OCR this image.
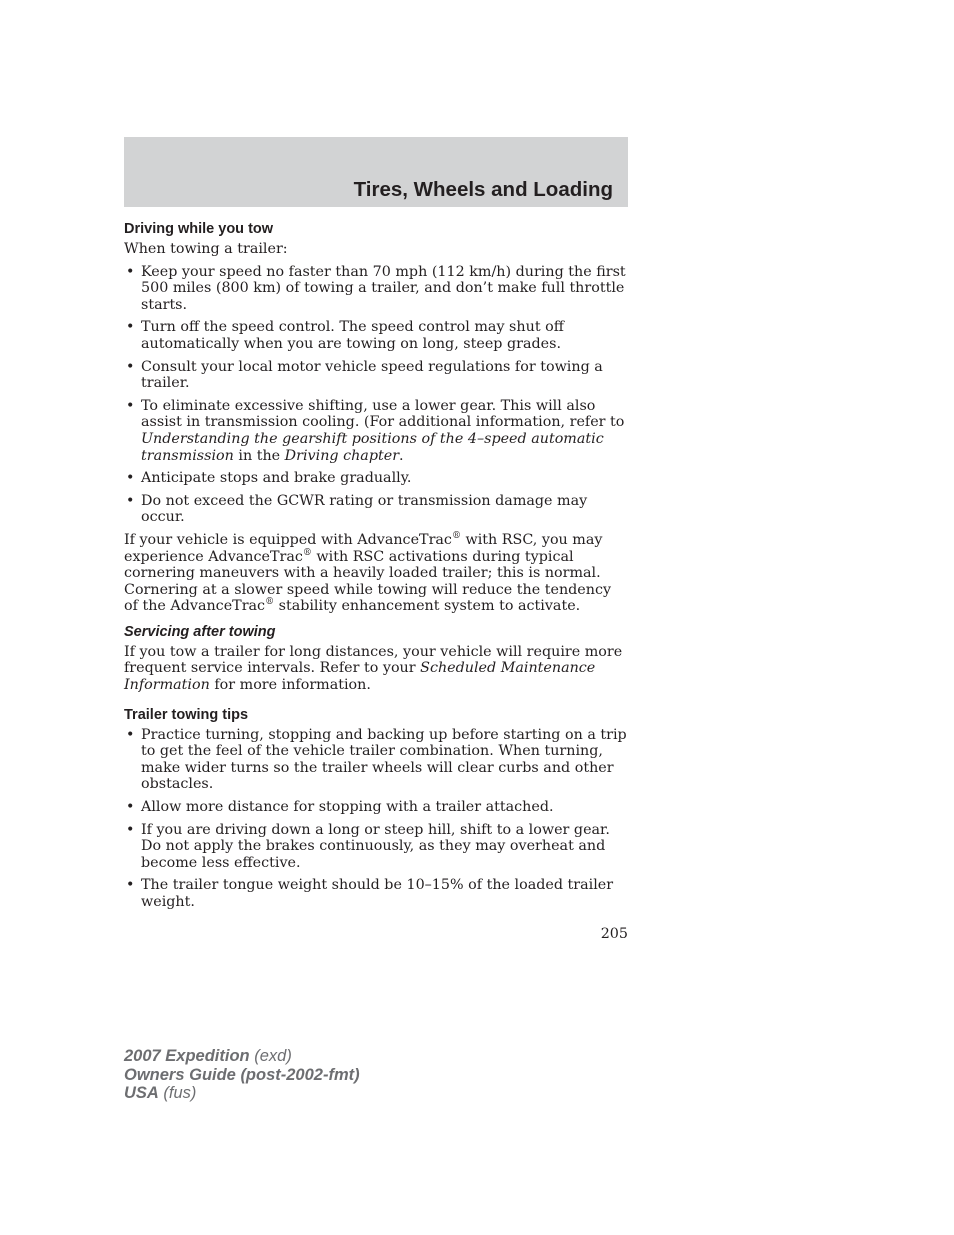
Tires, Wheels and Loading
Driving while you tow

When towing a trailer:

• Keep your speed no faster than 70 mph (112 km/h) during the first 500 miles (800 km) of towing a trailer, and don’t make full throttle starts.
• Turn off the speed control. The speed control may shut off automatically when you are towing on long, steep grades.
• Consult your local motor vehicle speed regulations for towing a trailer.
• To eliminate excessive shifting, use a lower gear. This will also assist in transmission cooling. (For additional information, refer to Understanding the gearshift positions of the 4–speed automatic transmission in the Driving chapter.
• Anticipate stops and brake gradually.
• Do not exceed the GCWR rating or transmission damage may occur.

If your vehicle is equipped with AdvanceTrac® with RSC, you may experience AdvanceTrac® with RSC activations during typical cornering maneuvers with a heavily loaded trailer; this is normal. Cornering at a slower speed while towing will reduce the tendency of the AdvanceTrac® stability enhancement system to activate.

Servicing after towing

If you tow a trailer for long distances, your vehicle will require more frequent service intervals. Refer to your Scheduled Maintenance Information for more information.

Trailer towing tips
• Practice turning, stopping and backing up before starting on a trip to get the feel of the vehicle trailer combination. When turning, make wider turns so the trailer wheels will clear curbs and other obstacles.
• Allow more distance for stopping with a trailer attached.
• If you are driving down a long or steep hill, shift to a lower gear. Do not apply the brakes continuously, as they may overheat and become less effective.
• The trailer tongue weight should be 10–15% of the loaded trailer weight.

205

2007 Expedition (exd)
Owners Guide (post-2002-fmt)
USA (fus)
